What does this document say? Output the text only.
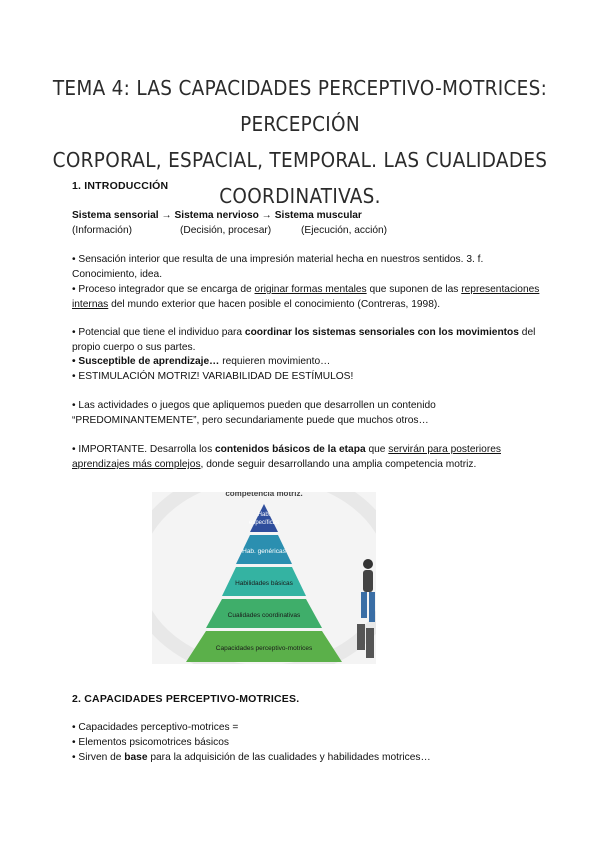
TEMA 4: LAS CAPACIDADES PERCEPTIVO-MOTRICES: PERCEPCIÓN
CORPORAL, ESPACIAL, TEMPORAL. LAS CUALIDADES COORDINATIVAS.
1. INTRODUCCIÓN
Sistema sensorial → Sistema nervioso → Sistema muscular
(Información)	(Decisión, procesar)	(Ejecución, acción)
• Sensación interior que resulta de una impresión material hecha en nuestros sentidos. 3. f. Conocimiento, idea.
• Proceso integrador que se encarga de originar formas mentales que suponen de las representaciones internas del mundo exterior que hacen posible el conocimiento (Contreras, 1998).
• Potencial que tiene el individuo para coordinar los sistemas sensoriales con los movimientos del propio cuerpo o sus partes.
• Susceptible de aprendizaje… requieren movimiento…
• ESTIMULACIÓN MOTRIZ! VARIABILIDAD DE ESTÍMULOS!
• Las actividades o juegos que apliquemos pueden que desarrollen un contenido “PREDOMINANTEMENTE”, pero secundariamente puede que muchos otros…
• IMPORTANTE. Desarrolla los contenidos básicos de la etapa que servirán para posteriores aprendizajes más complejos, donde seguir desarrollando una amplia competencia motriz.
competencia motriz.
Hab. específicas
Hab. genéricas
Habilidades básicas
Cualidades coordinativas
Capacidades perceptivo-motrices
2. CAPACIDADES PERCEPTIVO-MOTRICES.
• Capacidades perceptivo-motrices =
• Elementos psicomotrices básicos
• Sirven de base para la adquisición de las cualidades y habilidades motrices…
